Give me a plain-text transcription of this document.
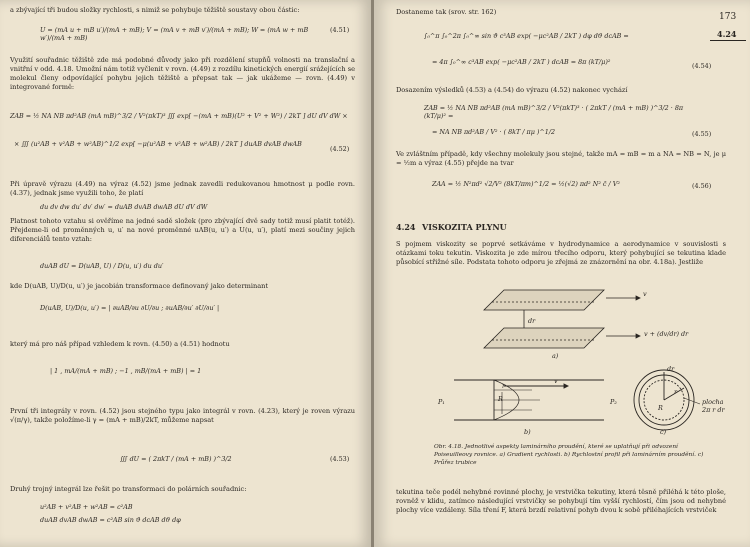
a zbývající tři budou složky rychlosti, s nimiž se pohybuje těžiště soustavy obou částic:
U = (mA u + mB u′)/(mA + mB); V = (mA v + mB v′)/(mA + mB); W = (mA w + mB w′)/(mA + mB)
(4.51)
Využití souřadnic těžiště zde má podobné důvody jako při rozdělení stupňů volnosti na translační a vnitřní v odd. 4.18. Umožní nám totiž vyčlenit v rovn. (4.49) z rozdílu kinetických energií srážejících se molekul členy odpovídající pohybu jejich těžiště a přepsat tak — jak ukážeme — rovn. (4.49) v integrované formě:
ZAB = ½ NA NB πd²AB (mA mB)^3/2 / V²(πkT)³ ∭ exp[ −(mA + mB)(U² + V² + W²) / 2kT ] dU dV dW ×
× ∭ (u²AB + v²AB + w²AB)^1/2 exp[ −μ(u²AB + v²AB + w²AB) / 2kT ] duAB dvAB dwAB
(4.52)
Při úpravě výrazu (4.49) na výraz (4.52) jsme jednak zavedli redukovanou hmotnost μ podle rovn. (4.37), jednak jsme využili toho, že platí
du dv dw du′ dv′ dw′ = duAB dvAB dwAB dU dV dW
Platnost tohoto vztahu si ověříme na jedné sadě složek (pro zbývající dvě sady totiž musí platit totéž). Přejdeme-li od proměnných u, u′ na nové proměnné uAB(u, u′) a U(u, u′), platí mezi součiny jejich diferenciálů tento vztah:
duAB dU = D(uAB, U) / D(u, u′) du du′
kde D(uAB, U)/D(u, u′) je jacobián transformace definovaný jako determinant
D(uAB, U)/D(u, u′) = | ∂uAB/∂u ∂U/∂u ; ∂uAB/∂u′ ∂U/∂u′ |
který má pro náš případ vzhledem k rovn. (4.50) a (4.51) hodnotu
| 1 , mA/(mA + mB) ; −1 , mB/(mA + mB) | = 1
První tři integrály v rovn. (4.52) jsou stejného typu jako integrál v rovn. (4.23), který je roven výrazu √(π/γ), takže položíme-li γ = (mA + mB)/2kT, můžeme napsat
∭ dU = ( 2πkT / (mA + mB) )^3/2	(4.53)
Druhý trojný integrál lze řešit po transformaci do polárních souřadnic:
u²AB + v²AB + w²AB = c²AB
duAB dvAB dwAB = c²AB sin ϑ dcAB dϑ dφ
173
4.24
Dostaneme tak (srov. str. 162)
∫₀^π ∫₀^2π ∫₀^∞ sin ϑ c³AB exp( −μc²AB / 2kT ) dφ dϑ dcAB =
= 4π ∫₀^∞ c³AB exp( −μc²AB / 2kT ) dcAB = 8π (kT/μ)²	(4.54)
Dosazením výsledků (4.53) a (4.54) do výrazu (4.52) nakonec vychází
ZAB = ½ NA NB πd²AB (mA mB)^3/2 / V²(πkT)³ · ( 2πkT / (mA + mB) )^3/2 · 8π (kT/μ)² =
= NA NB πd²AB / V² · ( 8kT / πμ )^1/2	(4.55)
Ve zvláštním případě, kdy všechny molekuly jsou stejné, takže mA = mB = m a NA = NB = N, je μ = ½m a výraz (4.55) přejde na tvar
ZAA = ½ N²πd² √2/V² (8kT/πm)^1/2 = ½(√2) πd² N² c̄ / V²	(4.56)
4.24 VISKOZITA PLYNU
S pojmem viskozity se poprvé setkáváme v hydrodynamice a aerodynamice v souvislosti s otázkami toku tekutin. Viskozita je zde mírou třecího odporu, který pohybující se tekutina klade působící střižné síle. Podstata tohoto odporu je zřejmá ze znázornění na obr. 4.18a). Jestliže
v
dr
v + (dv/dr) dr
a)
r
R
v
P₁	P₂
b)
dr
r
R
plocha
2π r dr
c)
Obr. 4.18. Jednotlivé aspekty laminárního proudění, které se uplatňují při odvození Poiseuilleovy rovnice. a) Gradient rychlosti. b) Rychlostní profil při laminárním proudění. c) Průřez trubice
tekutina teče podél nehybné rovinné plochy, je vrstvička tekutiny, která těsně přiléhá k této ploše, rovněž v klidu, zatímco následující vrstvičky se pohybují tím vyšší rychlostí, čím jsou od nehybné plochy více vzdáleny. Síla tření F, která brzdí relativní pohyb dvou k sobě přiléhajících vrstviček
